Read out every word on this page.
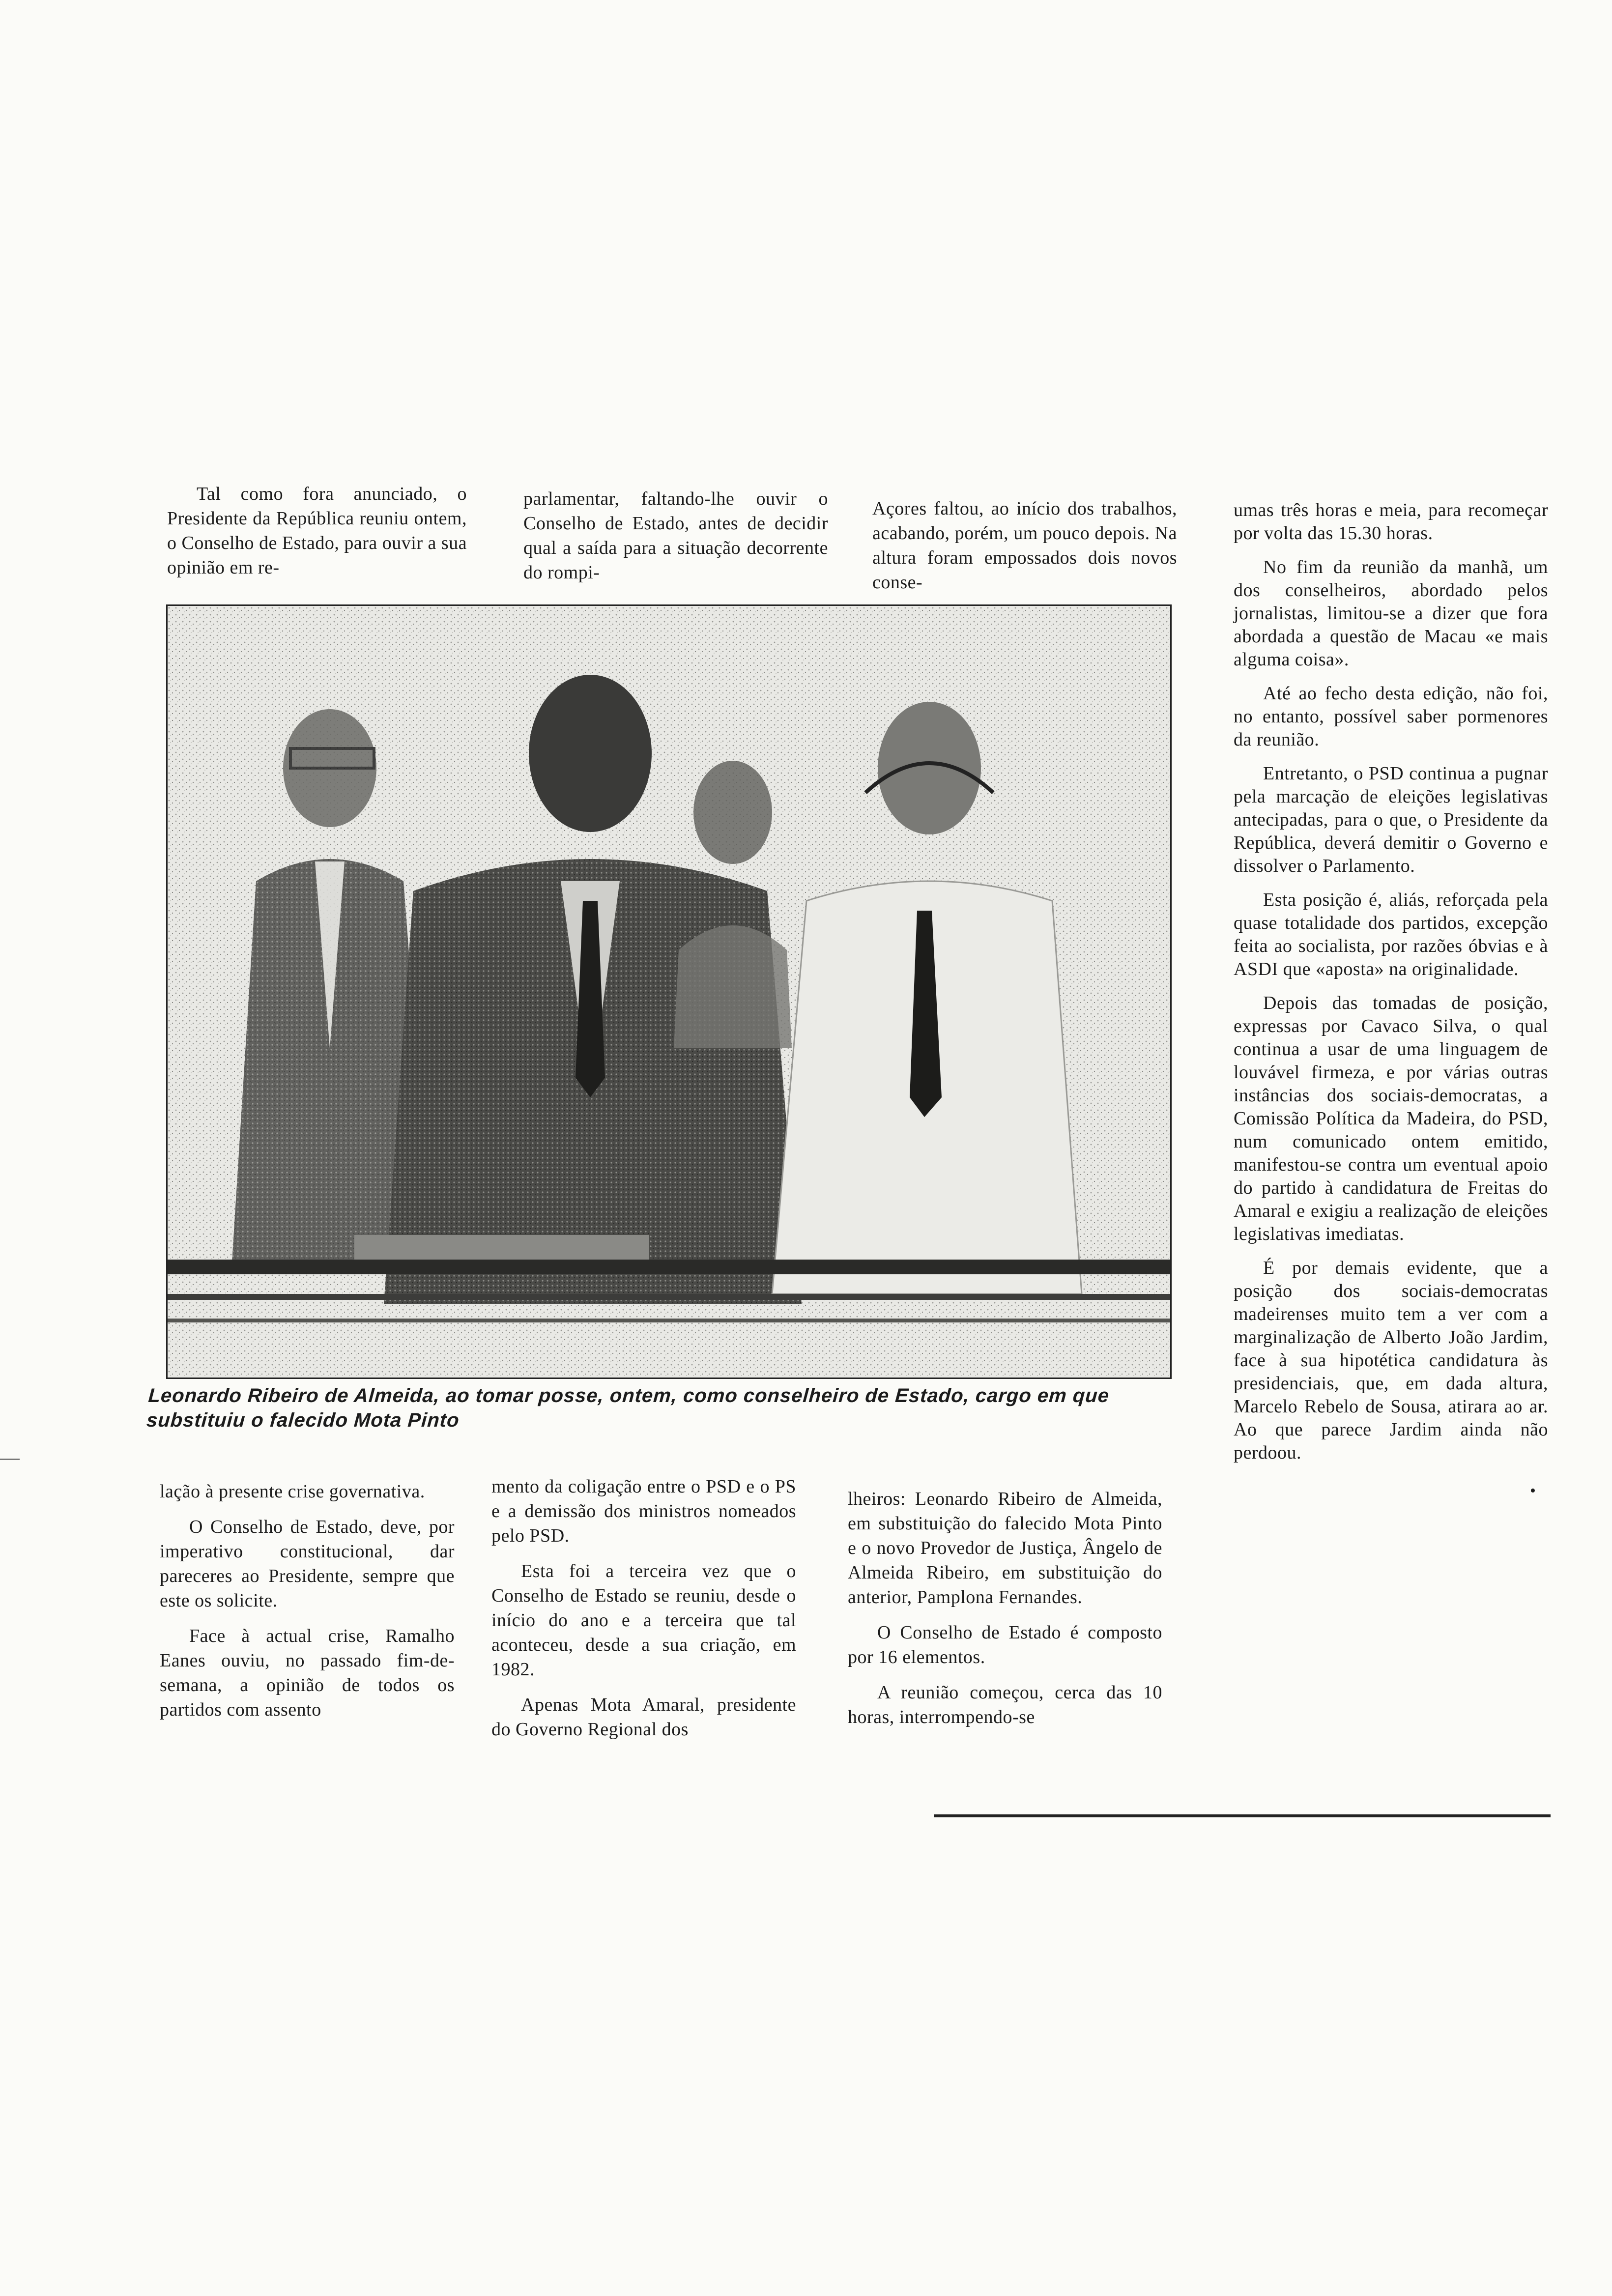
Tal como fora anunciado, o Presidente da República reuniu ontem, o Conselho de Estado, para ouvir a sua opinião em re-

parlamentar, faltando-lhe ouvir o Conselho de Estado, antes de decidir qual a saída para a situação decorrente do rompi-

Açores faltou, ao início dos trabalhos, acabando, porém, um pouco depois. Na altura foram empossados dois novos conse-

umas três horas e meia, para recomeçar por volta das 15.30 horas.

No fim da reunião da manhã, um dos conselheiros, abordado pelos jornalistas, limitou-se a dizer que fora abordada a questão de Macau «e mais alguma coisa».

Até ao fecho desta edição, não foi, no entanto, possível saber pormenores da reunião.

Entretanto, o PSD continua a pugnar pela marcação de eleições legislativas antecipadas, para o que, o Presidente da República, deverá demitir o Governo e dissolver o Parlamento.

Esta posição é, aliás, reforçada pela quase totalidade dos partidos, excepção feita ao socialista, por razões óbvias e à ASDI que «aposta» na originalidade.

Depois das tomadas de posição, expressas por Cavaco Silva, o qual continua a usar de uma linguagem de louvável firmeza, e por várias outras instâncias dos sociais-democratas, a Comissão Política da Madeira, do PSD, num comunicado ontem emitido, manifestou-se contra um eventual apoio do partido à candidatura de Freitas do Amaral e exigiu a realização de eleições legislativas imediatas.

É por demais evidente, que a posição dos sociais-democratas madeirenses muito tem a ver com a marginalização de Alberto João Jardim, face à sua hipotética candidatura às presidenciais, que, em dada altura, Marcelo Rebelo de Sousa, atirara ao ar. Ao que parece Jardim ainda não perdoou.

Leonardo Ribeiro de Almeida, ao tomar posse, ontem, como conselheiro de Estado, cargo em que substituiu o falecido Mota Pinto

lação à presente crise governativa.

O Conselho de Estado, deve, por imperativo constitucional, dar pareceres ao Presidente, sempre que este os solicite.

Face à actual crise, Ramalho Eanes ouviu, no passado fim-de-semana, a opinião de todos os partidos com assento

mento da coligação entre o PSD e o PS e a demissão dos ministros nomeados pelo PSD.

Esta foi a terceira vez que o Conselho de Estado se reuniu, desde o início do ano e a terceira que tal aconteceu, desde a sua criação, em 1982.

Apenas Mota Amaral, presidente do Governo Regional dos

lheiros: Leonardo Ribeiro de Almeida, em substituição do falecido Mota Pinto e o novo Provedor de Justiça, Ângelo de Almeida Ribeiro, em substituição do anterior, Pamplona Fernandes.

O Conselho de Estado é composto por 16 elementos.

A reunião começou, cerca das 10 horas, interrompendo-se

•
